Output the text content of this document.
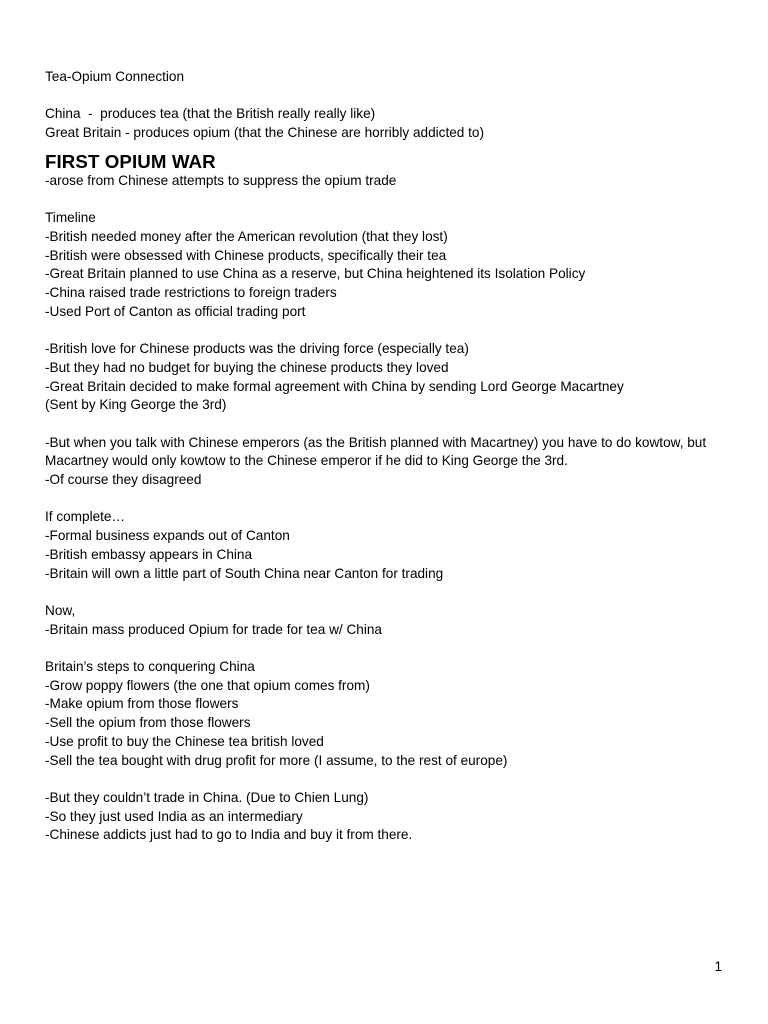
Tea-Opium Connection

China  -  produces tea (that the British really really like)

Great Britain - produces opium (that the Chinese are horribly addicted to)

FIRST OPIUM WAR

-arose from Chinese attempts to suppress the opium trade

Timeline

-British needed money after the American revolution (that they lost)

-British were obsessed with Chinese products, specifically their tea

-Great Britain planned to use China as a reserve, but China heightened its Isolation Policy

-China raised trade restrictions to foreign traders

-Used Port of Canton as official trading port

-British love for Chinese products was the driving force (especially tea)

-But they had no budget for buying the chinese products they loved

-Great Britain decided to make formal agreement with China by sending Lord George Macartney

(Sent by King George the 3rd)

-But when you talk with Chinese emperors (as the British planned with Macartney) you have to do kowtow, but

Macartney would only kowtow to the Chinese emperor if he did to King George the 3rd.

-Of course they disagreed

If complete…

-Formal business expands out of Canton

-British embassy appears in China

-Britain will own a little part of South China near Canton for trading

Now,

-Britain mass produced Opium for trade for tea w/ China

Britain’s steps to conquering China

-Grow poppy flowers (the one that opium comes from)

-Make opium from those flowers

-Sell the opium from those flowers

-Use profit to buy the Chinese tea british loved

-Sell the tea bought with drug profit for more (I assume, to the rest of europe)

-But they couldn’t trade in China. (Due to Chien Lung)

-So they just used India as an intermediary

-Chinese addicts just had to go to India and buy it from there.

1
